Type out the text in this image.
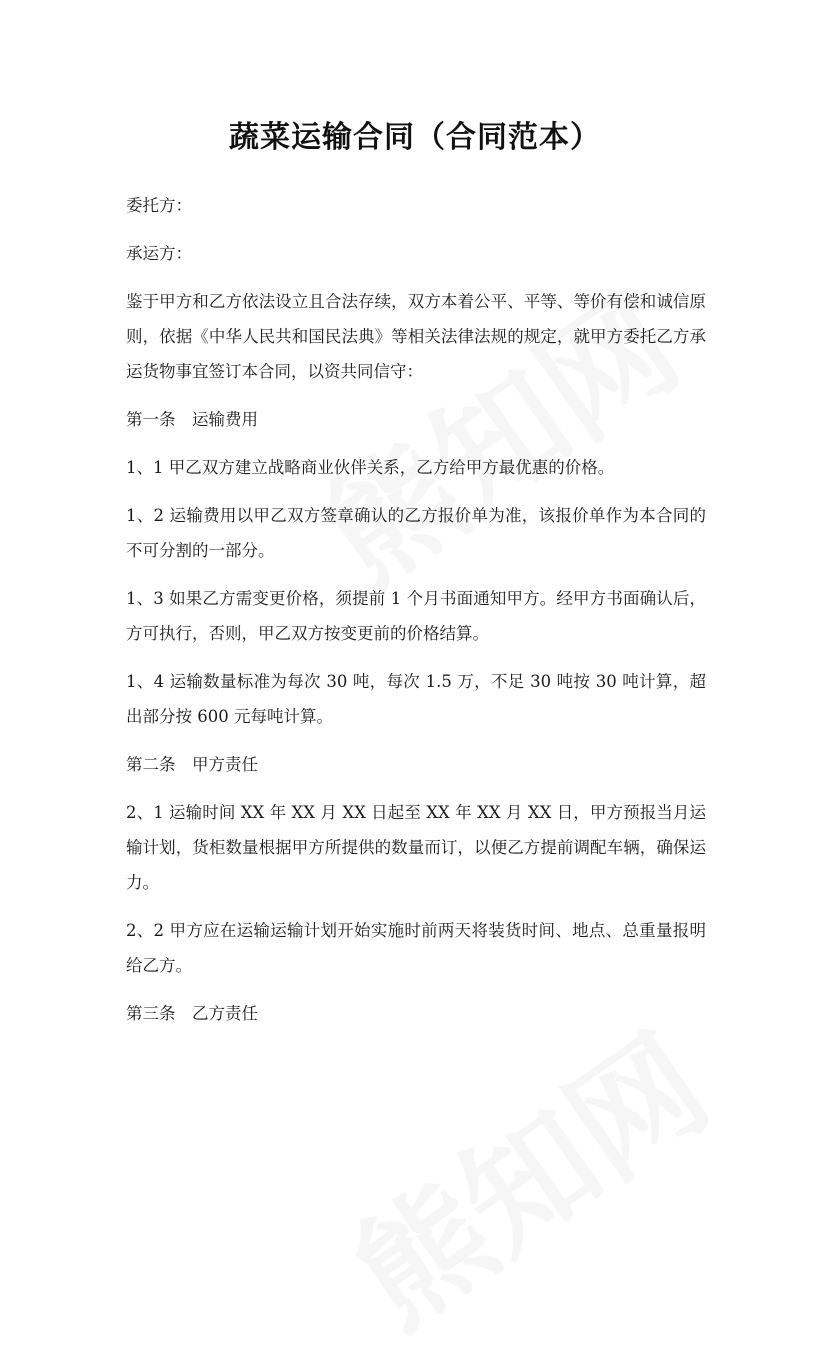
蔬菜运输合同（合同范本）

委托方：

承运方：

鉴于甲方和乙方依法设立且合法存续，双方本着公平、平等、等价有偿和诚信原则，依据《中华人民共和国民法典》等相关法律法规的规定，就甲方委托乙方承运货物事宜签订本合同，以资共同信守：

第一条　运输费用

1、1 甲乙双方建立战略商业伙伴关系，乙方给甲方最优惠的价格。

1、2 运输费用以甲乙双方签章确认的乙方报价单为准，该报价单作为本合同的不可分割的一部分。

1、3 如果乙方需变更价格，须提前 1 个月书面通知甲方。经甲方书面确认后，方可执行，否则，甲乙双方按变更前的价格结算。

1、4 运输数量标准为每次 30 吨，每次 1.5 万，不足 30 吨按 30 吨计算，超出部分按 600 元每吨计算。

第二条　甲方责任

2、1 运输时间 XX 年 XX 月 XX 日起至 XX 年 XX 月 XX 日，甲方预报当月运输计划，货柜数量根据甲方所提供的数量而订，以便乙方提前调配车辆，确保运力。

2、2 甲方应在运输运输计划开始实施时前两天将装货时间、地点、总重量报明给乙方。

第三条　乙方责任
